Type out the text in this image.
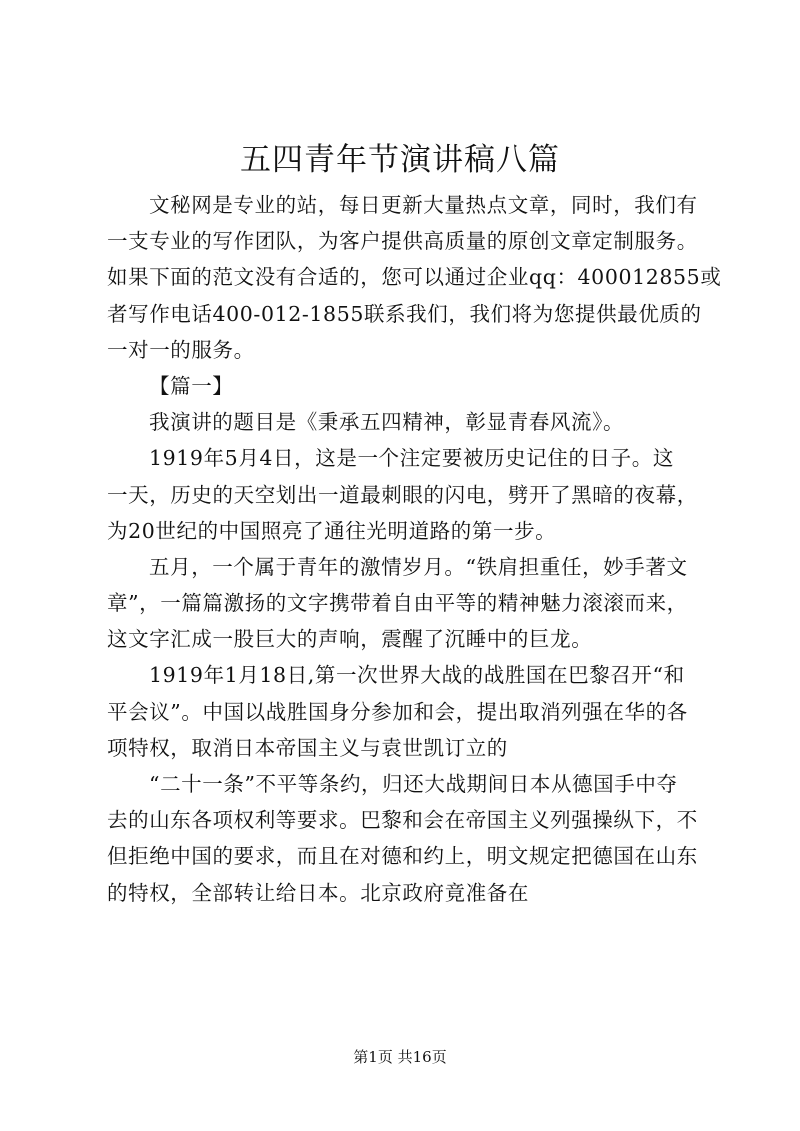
五四青年节演讲稿八篇
文秘网是专业的站，每日更新大量热点文章，同时，我们有
一支专业的写作团队，为客户提供高质量的原创文章定制服务。
如果下面的范文没有合适的，您可以通过企业qq：400012855或
者写作电话400-012-1855联系我们，我们将为您提供最优质的
一对一的服务。
【篇一】
我演讲的题目是《秉承五四精神，彰显青春风流》。
1919年5月4日，这是一个注定要被历史记住的日子。这
一天，历史的天空划出一道最刺眼的闪电，劈开了黑暗的夜幕，
为20世纪的中国照亮了通往光明道路的第一步。
五月，一个属于青年的激情岁月。“铁肩担重任，妙手著文
章”，一篇篇激扬的文字携带着自由平等的精神魅力滚滚而来，
这文字汇成一股巨大的声响，震醒了沉睡中的巨龙。
1919年1月18日,第一次世界大战的战胜国在巴黎召开“和
平会议”。中国以战胜国身分参加和会，提出取消列强在华的各
项特权，取消日本帝国主义与袁世凯订立的
“二十一条”不平等条约，归还大战期间日本从德国手中夺
去的山东各项权利等要求。巴黎和会在帝国主义列强操纵下，不
但拒绝中国的要求，而且在对德和约上，明文规定把德国在山东
的特权，全部转让给日本。北京政府竟准备在
第1页 共16页
